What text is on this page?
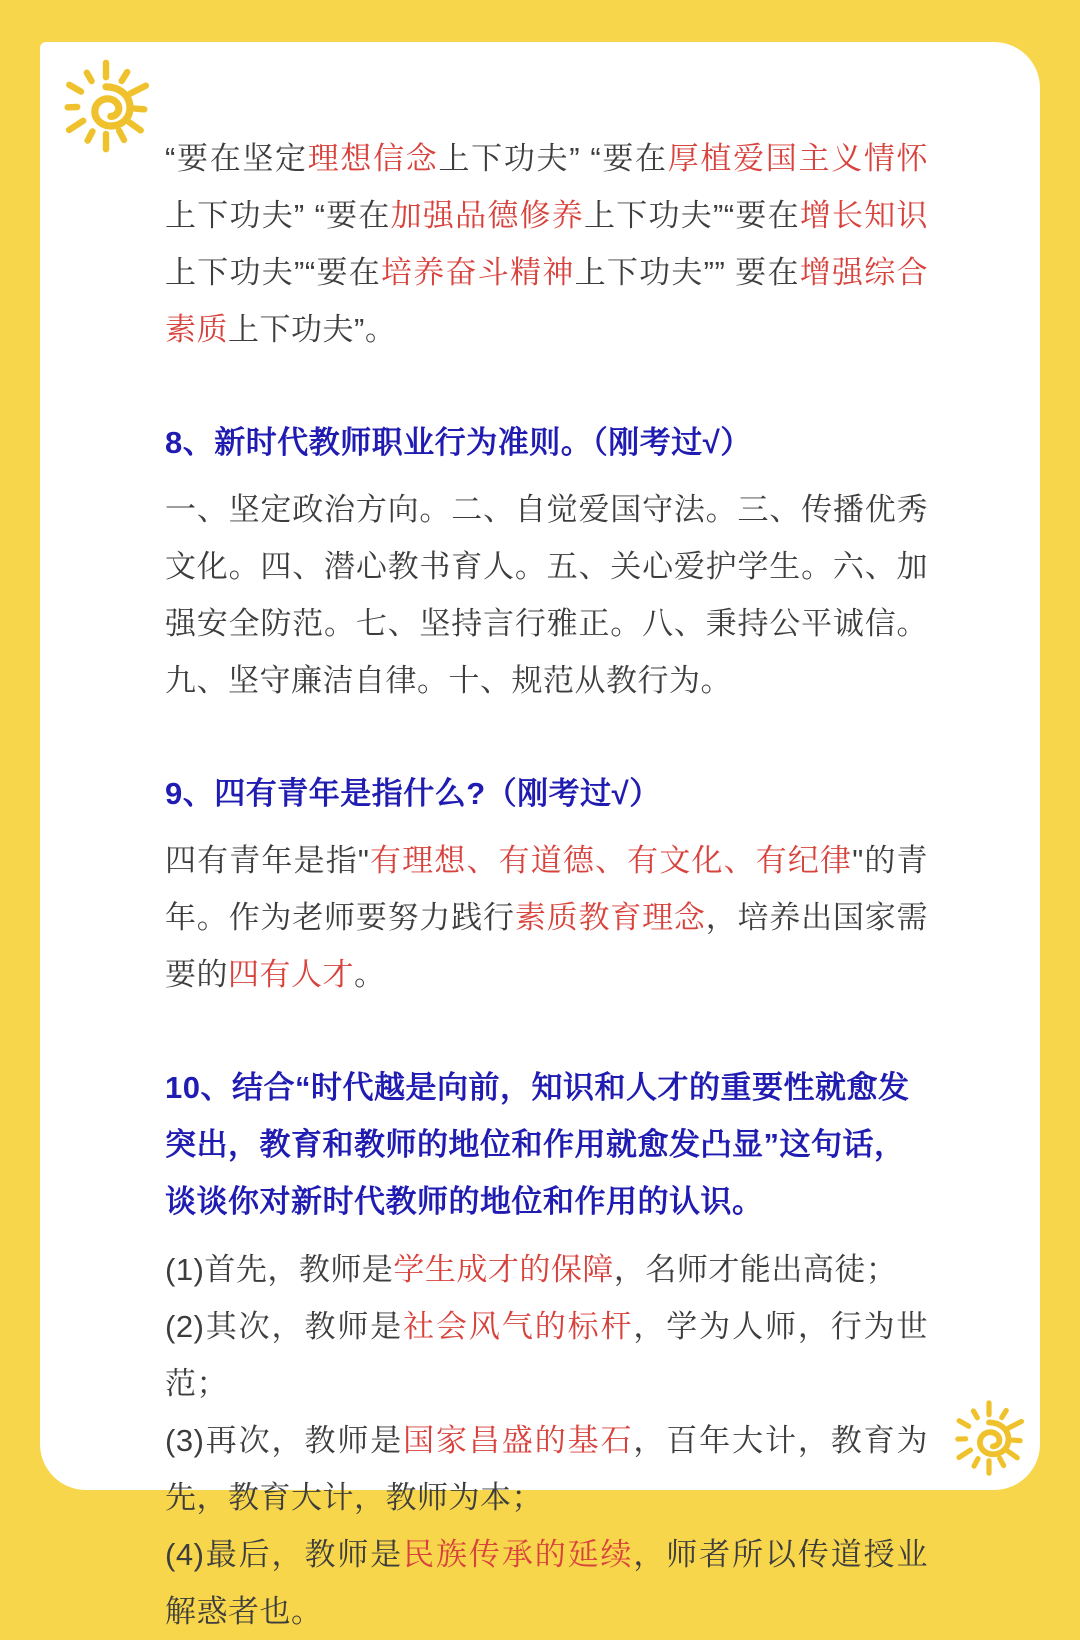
“要在坚定理想信念上下功夫” “要在厚植爱国主义情怀上下功夫” “要在加强品德修养上下功夫”“要在增长知识上下功夫”“要在培养奋斗精神上下功夫”” 要在增强综合素质上下功夫”。

8、新时代教师职业行为准则。（刚考过√）

一、坚定政治方向。二、自觉爱国守法。三、传播优秀文化。四、潜心教书育人。五、关心爱护学生。六、加强安全防范。七、坚持言行雅正。八、秉持公平诚信。九、坚守廉洁自律。十、规范从教行为。

9、四有青年是指什么?（刚考过√）

四有青年是指"有理想、有道德、有文化、有纪律"的青年。作为老师要努力践行素质教育理念，培养出国家需要的四有人才。

10、结合“时代越是向前，知识和人才的重要性就愈发突出，教育和教师的地位和作用就愈发凸显”这句话，谈谈你对新时代教师的地位和作用的认识。

(1)首先，教师是学生成才的保障，名师才能出高徒；

(2)其次，教师是社会风气的标杆，学为人师，行为世范；

(3)再次，教师是国家昌盛的基石，百年大计，教育为先，教育大计，教师为本；

(4)最后，教师是民族传承的延续，师者所以传道授业解惑者也。
